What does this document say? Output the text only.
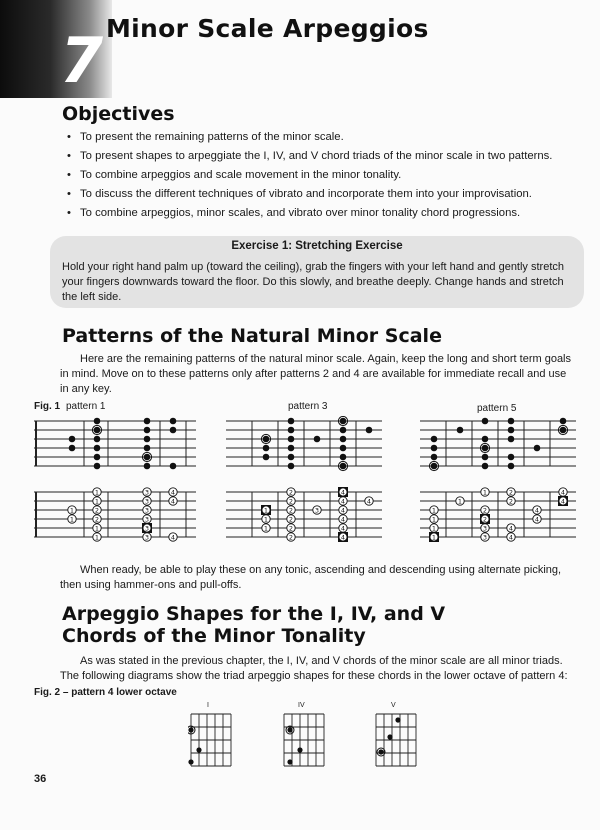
7 Minor Scale Arpeggios
Objectives
• To present the remaining patterns of the minor scale.
• To present shapes to arpeggiate the I, IV, and V chord triads of the minor scale in two patterns.
• To combine arpeggios and scale movement in the minor tonality.
• To discuss the different techniques of vibrato and incorporate them into your improvisation.
• To combine arpeggios, minor scales, and vibrato over minor tonality chord progressions.
Exercise 1: Stretching Exercise
Hold your right hand palm up (toward the ceiling), grab the fingers with your left hand and gently stretch your fingers downwards toward the floor. Do this slowly, and breathe deeply. Change hands and stretch the left side.
Patterns of the Natural Minor Scale
Here are the remaining patterns of the natural minor scale. Again, keep the long and short term goals in mind. Move on to these patterns only after patterns 2 and 4 are available for immediate recall and use in any key.
Fig. 1 pattern 1	pattern 3	pattern 5
1	3	4
1	3	4
1	2	3
1	2	3
1	3
1	3	4
2	4
2	4	4
1	2	3	4
1	2	4
1	2	4
2	4
1	2	4
1	2	4
1	2	4
1	2	4
1	3	4
1	3	4
When ready, be able to play these on any tonic, ascending and descending using alternate picking, then using hammer-ons and pull-offs.
Arpeggio Shapes for the I, IV, and V
Chords of the Minor Tonality
As was stated in the previous chapter, the I, IV, and V chords of the minor scale are all minor triads. The following diagrams show the triad arpeggio shapes for these chords in the lower octave of pattern 4:
Fig. 2 – pattern 4 lower octave
I	IV	V
36
